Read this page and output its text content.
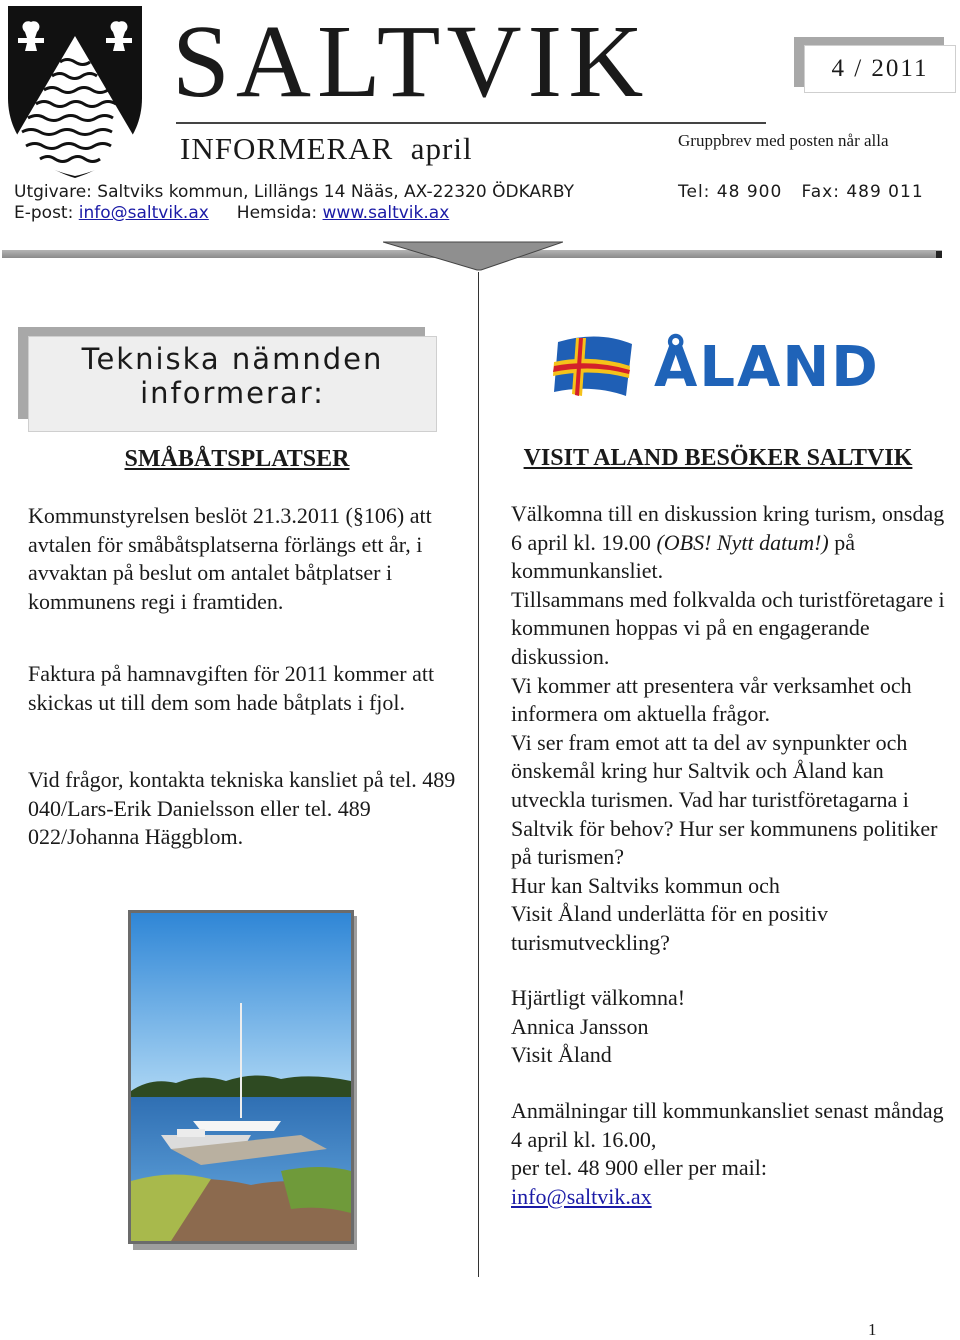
SALTVIK
INFORMERAR  april
4 / 2011
Gruppbrev med posten når alla
Utgivare: Saltviks kommun, Lillängs 14 Nääs, AX-22320 ÖDKARBY	Tel: 48 900   Fax: 489 011
E-post: info@saltvik.ax Hemsida: www.saltvik.ax
Tekniska nämnden
informerar:
SMÅBÅTSPLATSER
Kommunstyrelsen beslöt 21.3.2011 (§106) att avtalen för småbåtsplatserna förlängs ett år, i avvaktan på beslut om antalet båtplatser i kommunens regi i framtiden.
Faktura på hamnavgiften för 2011 kommer att skickas ut till dem som hade båtplats i fjol.
Vid frågor, kontakta tekniska kansliet på tel. 489 040/Lars-Erik Danielsson eller tel. 489 022/Johanna Häggblom.
ÅLAND
VISIT ALAND BESÖKER SALTVIK
Välkomna till en diskussion kring turism, onsdag 6 april kl. 19.00 (OBS! Nytt datum!) på kommunkansliet.
Tillsammans med folkvalda och turistföretagare i kommunen hoppas vi på en engagerande diskussion.
Vi kommer att presentera vår verksamhet och informera om aktuella frågor.
Vi ser fram emot att ta del av synpunkter och önskemål kring hur Saltvik och Åland kan utveckla turismen. Vad har turistföretagarna i Saltvik för behov? Hur ser kommunens politiker på turismen?
Hur kan Saltviks kommun och
Visit Åland underlätta för en positiv turismutveckling?
Hjärtligt välkomna!
Annica Jansson
Visit Åland
Anmälningar till kommunkansliet senast måndag 4 april kl. 16.00,
per tel. 48 900 eller per mail:
info@saltvik.ax
1
